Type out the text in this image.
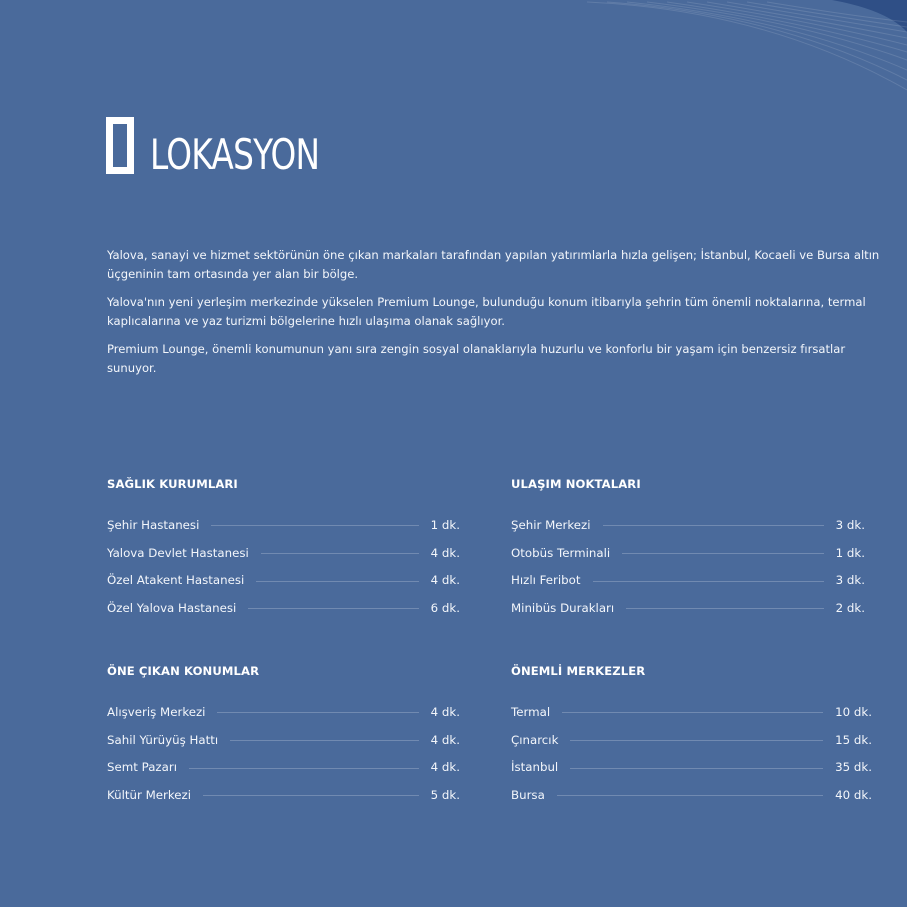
LOKASYON

Yalova, sanayi ve hizmet sektörünün öne çıkan markaları tarafından yapılan yatırımlarla hızla gelişen; İstanbul, Kocaeli ve Bursa altın üçgeninin tam ortasında yer alan bir bölge.

Yalova'nın yeni yerleşim merkezinde yükselen Premium Lounge, bulunduğu konum itibarıyla şehrin tüm önemli noktalarına, termal kaplıcalarına ve yaz turizmi bölgelerine hızlı ulaşıma olanak sağlıyor.

Premium Lounge, önemli konumunun yanı sıra zengin sosyal olanaklarıyla huzurlu ve konforlu bir yaşam için benzersiz fırsatlar sunuyor.

SAĞLIK KURUMLARI
Şehir Hastanesi	1 dk.
Yalova Devlet Hastanesi	4 dk.
Özel Atakent Hastanesi	4 dk.
Özel Yalova Hastanesi	6 dk.
ULAŞIM NOKTALARI
Şehir Merkezi	3 dk.
Otobüs Terminali	1 dk.
Hızlı Feribot	3 dk.
Minibüs Durakları	2 dk.
ÖNE ÇIKAN KONUMLAR
Alışveriş Merkezi	4 dk.
Sahil Yürüyüş Hattı	4 dk.
Semt Pazarı	4 dk.
Kültür Merkezi	5 dk.
ÖNEMLİ MERKEZLER
Termal	10 dk.
Çınarcık	15 dk.
İstanbul	35 dk.
Bursa	40 dk.
